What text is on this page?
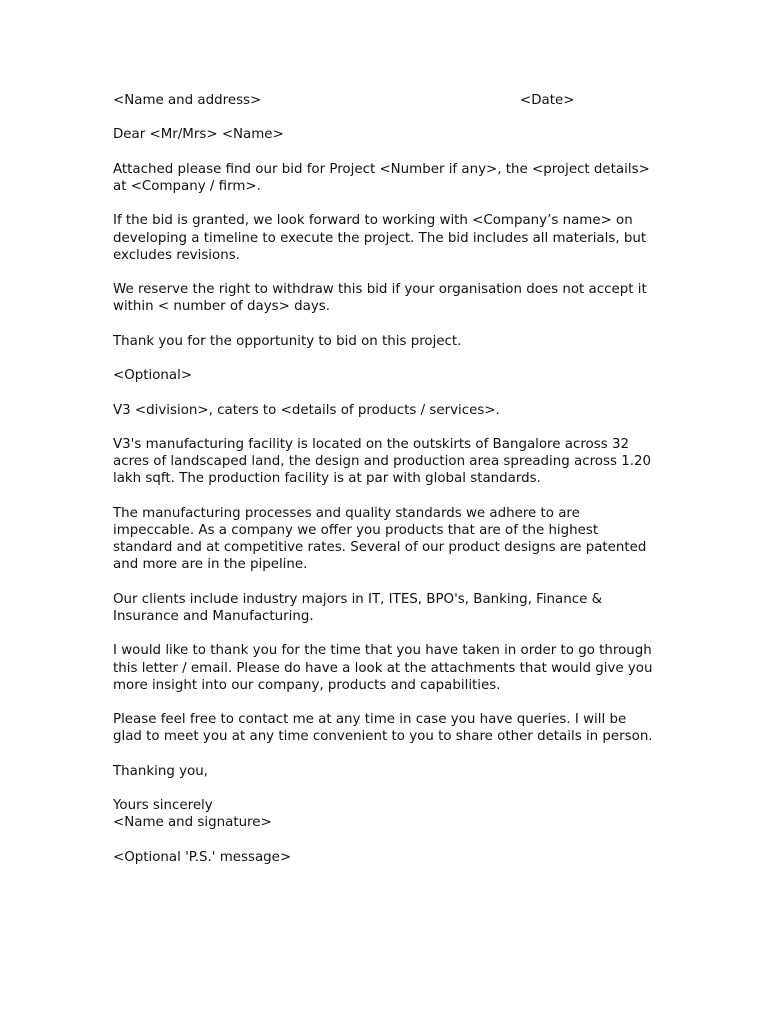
<Name and address>	<Date>

Dear <Mr/Mrs> <Name>

Attached please find our bid for Project <Number if any>, the <project details> at <Company / firm>.

If the bid is granted, we look forward to working with <Company’s name> on developing a timeline to execute the project. The bid includes all materials, but excludes revisions.

We reserve the right to withdraw this bid if your organisation does not accept it within < number of days> days.

Thank you for the opportunity to bid on this project.

<Optional>

V3 <division>, caters to <details of products / services>.

V3's manufacturing facility is located on the outskirts of Bangalore across 32 acres of landscaped land, the design and production area spreading across 1.20 lakh sqft. The production facility is at par with global standards.

The manufacturing processes and quality standards we adhere to are impeccable. As a company we offer you products that are of the highest standard and at competitive rates. Several of our product designs are patented and more are in the pipeline.

Our clients include industry majors in IT, ITES, BPO's, Banking, Finance & Insurance and Manufacturing.

I would like to thank you for the time that you have taken in order to go through this letter / email. Please do have a look at the attachments that would give you more insight into our company, products and capabilities.

Please feel free to contact me at any time in case you have queries. I will be glad to meet you at any time convenient to you to share other details in person.

Thanking you,

Yours sincerely
<Name and signature>

<Optional 'P.S.' message>
